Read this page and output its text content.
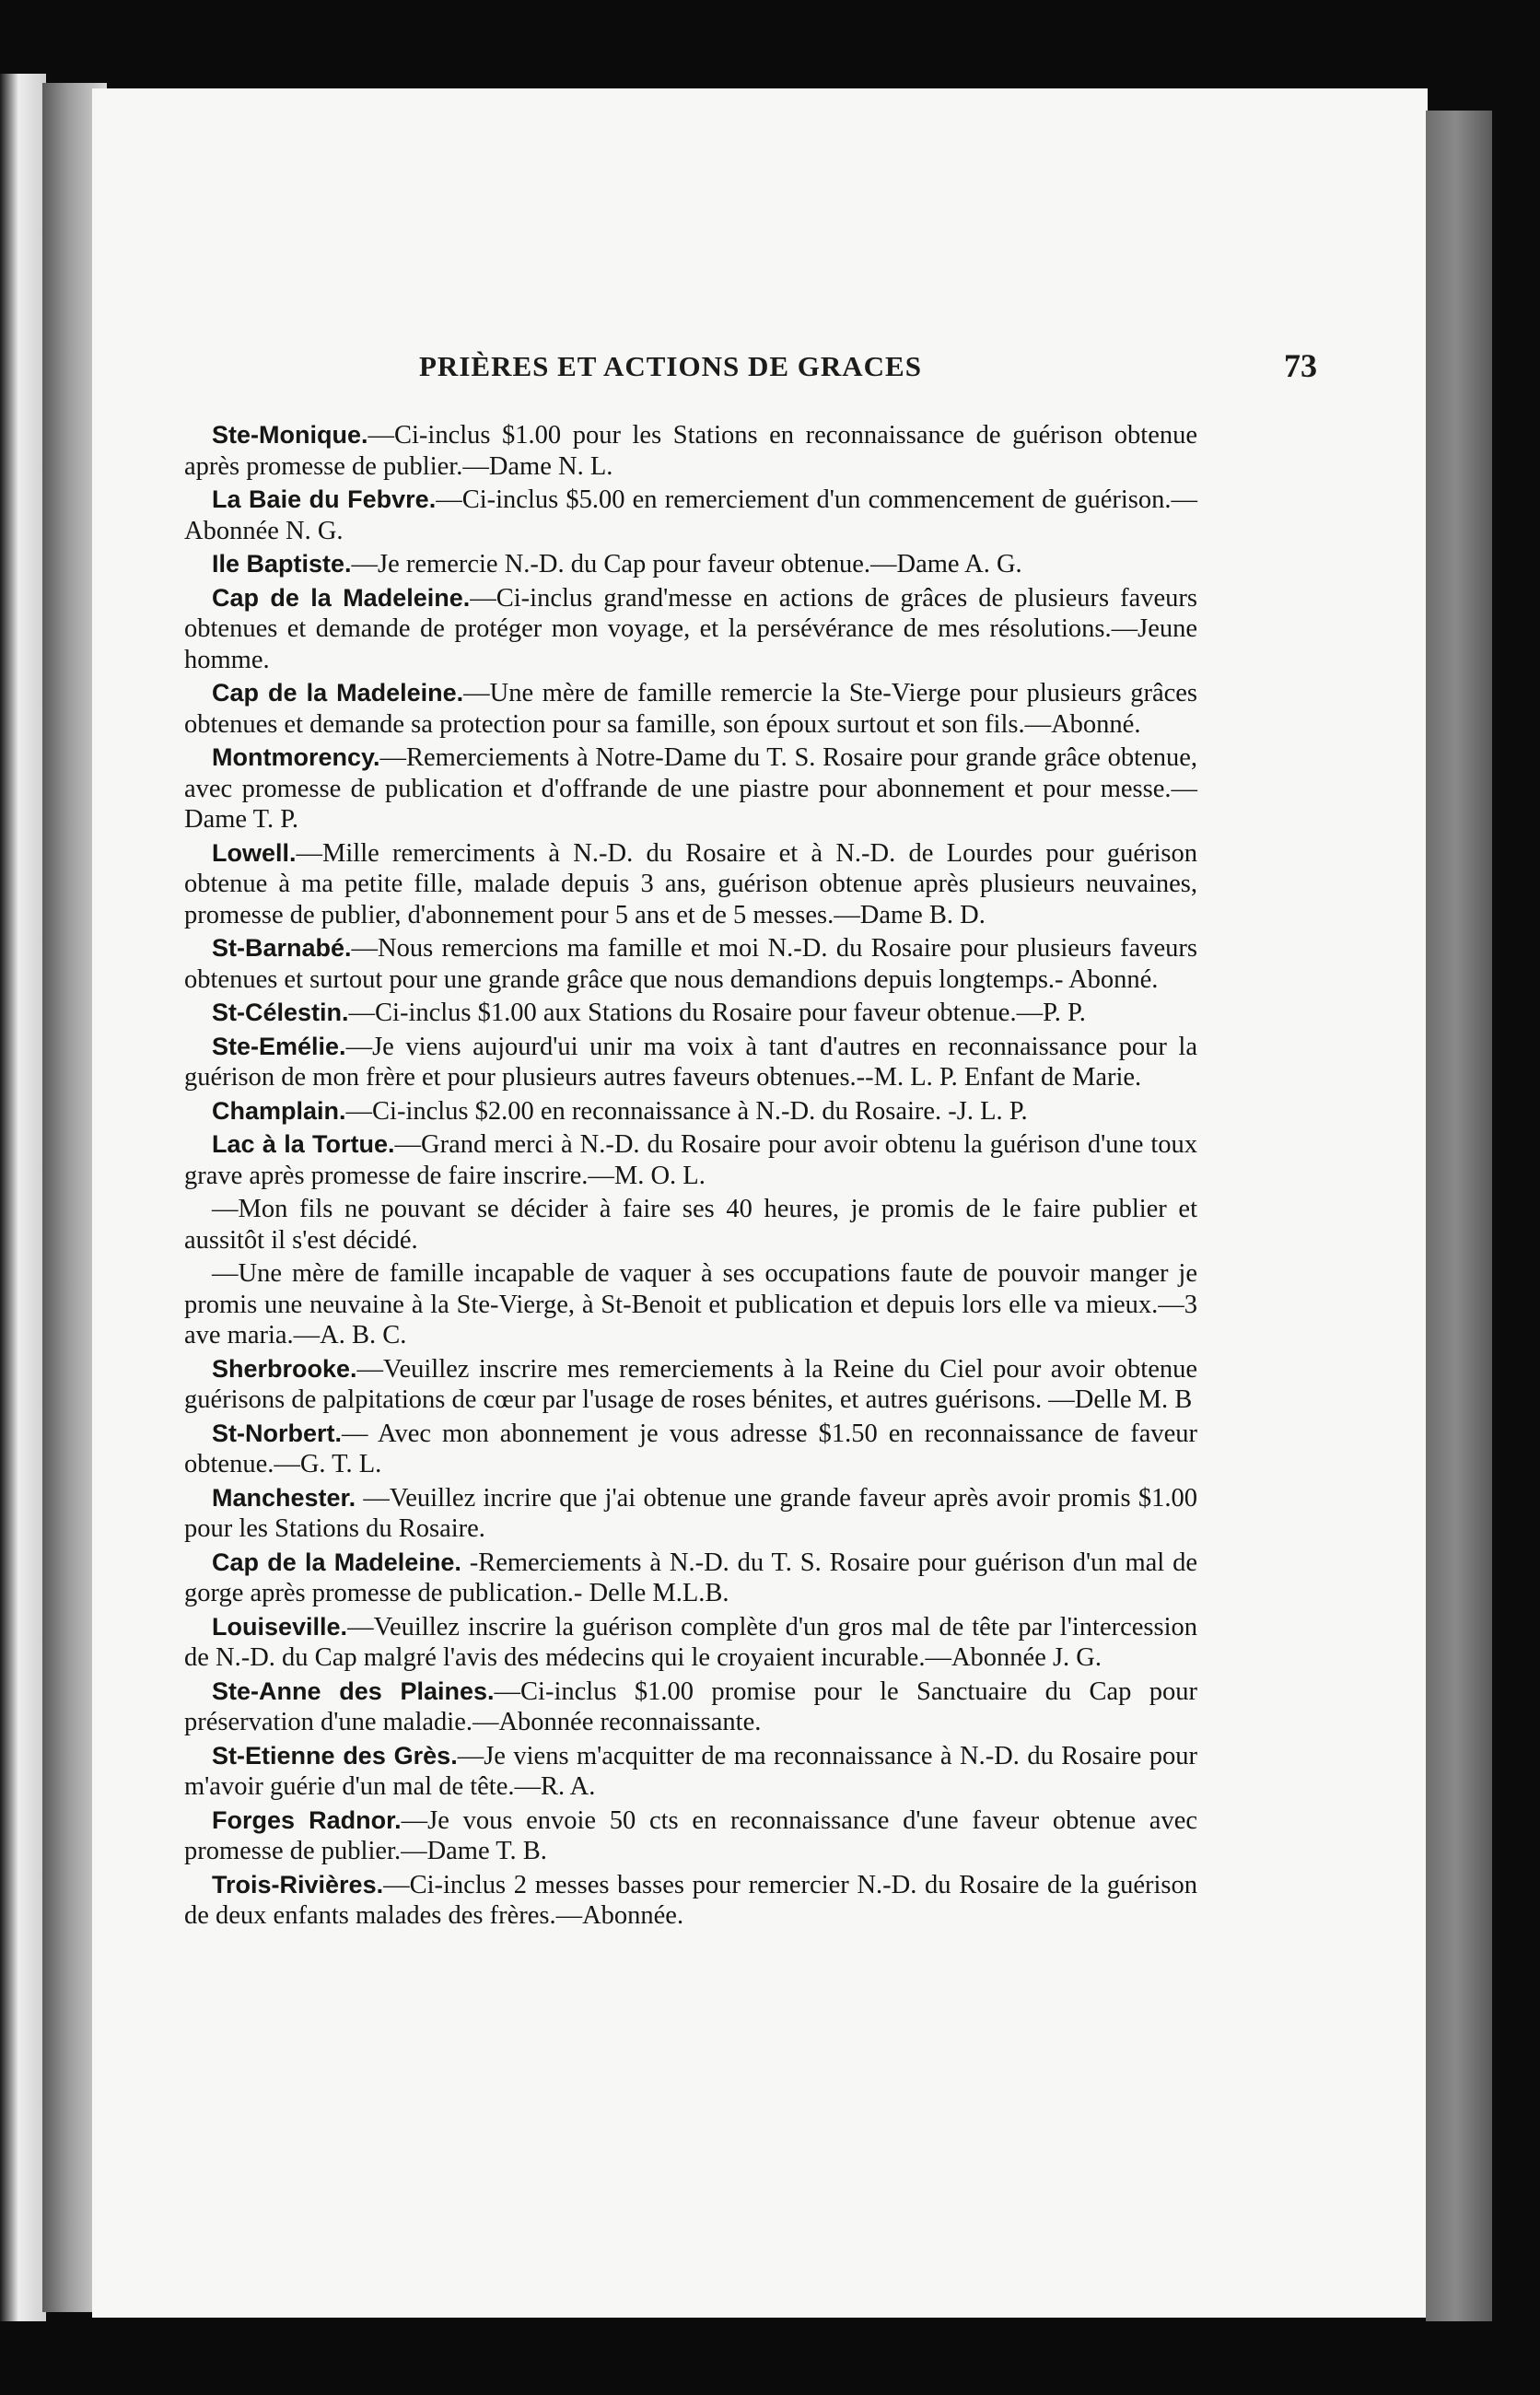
PRIÈRES ET ACTIONS DE GRACES	73

Ste-Monique.—Ci-inclus $1.00 pour les Stations en reconnaissance de guérison obtenue après promesse de publier.—Dame N. L.

La Baie du Febvre.—Ci-inclus $5.00 en remerciement d'un commencement de guérison.—Abonnée N. G.

Ile Baptiste.—Je remercie N.-D. du Cap pour faveur obtenue.—Dame A. G.

Cap de la Madeleine.—Ci-inclus grand'messe en actions de grâces de plusieurs faveurs obtenues et demande de protéger mon voyage, et la persévérance de mes résolutions.—Jeune homme.

Cap de la Madeleine.—Une mère de famille remercie la Ste-Vierge pour plusieurs grâces obtenues et demande sa protection pour sa famille, son époux surtout et son fils.—Abonné.

Montmorency.—Remerciements à Notre-Dame du T. S. Rosaire pour grande grâce obtenue, avec promesse de publication et d'offrande de une piastre pour abonnement et pour messe.—Dame T. P.

Lowell.—Mille remerciments à N.-D. du Rosaire et à N.-D. de Lourdes pour guérison obtenue à ma petite fille, malade depuis 3 ans, guérison obtenue après plusieurs neuvaines, promesse de publier, d'abonnement pour 5 ans et de 5 messes.—Dame B. D.

St-Barnabé.—Nous remercions ma famille et moi N.-D. du Rosaire pour plusieurs faveurs obtenues et surtout pour une grande grâce que nous demandions depuis longtemps.- Abonné.

St-Célestin.—Ci-inclus $1.00 aux Stations du Rosaire pour faveur obtenue.—P. P.

Ste-Emélie.—Je viens aujourd'ui unir ma voix à tant d'autres en reconnaissance pour la guérison de mon frère et pour plusieurs autres faveurs obtenues.--M. L. P. Enfant de Marie.

Champlain.—Ci-inclus $2.00 en reconnaissance à N.-D. du Rosaire. -J. L. P.

Lac à la Tortue.—Grand merci à N.-D. du Rosaire pour avoir obtenu la guérison d'une toux grave après promesse de faire inscrire.—M. O. L.

—Mon fils ne pouvant se décider à faire ses 40 heures, je promis de le faire publier et aussitôt il s'est décidé.

—Une mère de famille incapable de vaquer à ses occupations faute de pouvoir manger je promis une neuvaine à la Ste-Vierge, à St-Benoit et publication et depuis lors elle va mieux.—3 ave maria.—A. B. C.

Sherbrooke.—Veuillez inscrire mes remerciements à la Reine du Ciel pour avoir obtenue guérisons de palpitations de cœur par l'usage de roses bénites, et autres guérisons. —Delle M. B

St-Norbert.— Avec mon abonnement je vous adresse $1.50 en reconnaissance de faveur obtenue.—G. T. L.

Manchester. —Veuillez incrire que j'ai obtenue une grande faveur après avoir promis $1.00 pour les Stations du Rosaire.

Cap de la Madeleine. -Remerciements à N.-D. du T. S. Rosaire pour guérison d'un mal de gorge après promesse de publication.- Delle M.L.B.

Louiseville.—Veuillez inscrire la guérison complète d'un gros mal de tête par l'intercession de N.-D. du Cap malgré l'avis des médecins qui le croyaient incurable.—Abonnée J. G.

Ste-Anne des Plaines.—Ci-inclus $1.00 promise pour le Sanctuaire du Cap pour préservation d'une maladie.—Abonnée reconnaissante.

St-Etienne des Grès.—Je viens m'acquitter de ma reconnaissance à N.-D. du Rosaire pour m'avoir guérie d'un mal de tête.—R. A.

Forges Radnor.—Je vous envoie 50 cts en reconnaissance d'une faveur obtenue avec promesse de publier.—Dame T. B.

Trois-Rivières.—Ci-inclus 2 messes basses pour remercier N.-D. du Rosaire de la guérison de deux enfants malades des frères.—Abonnée.
